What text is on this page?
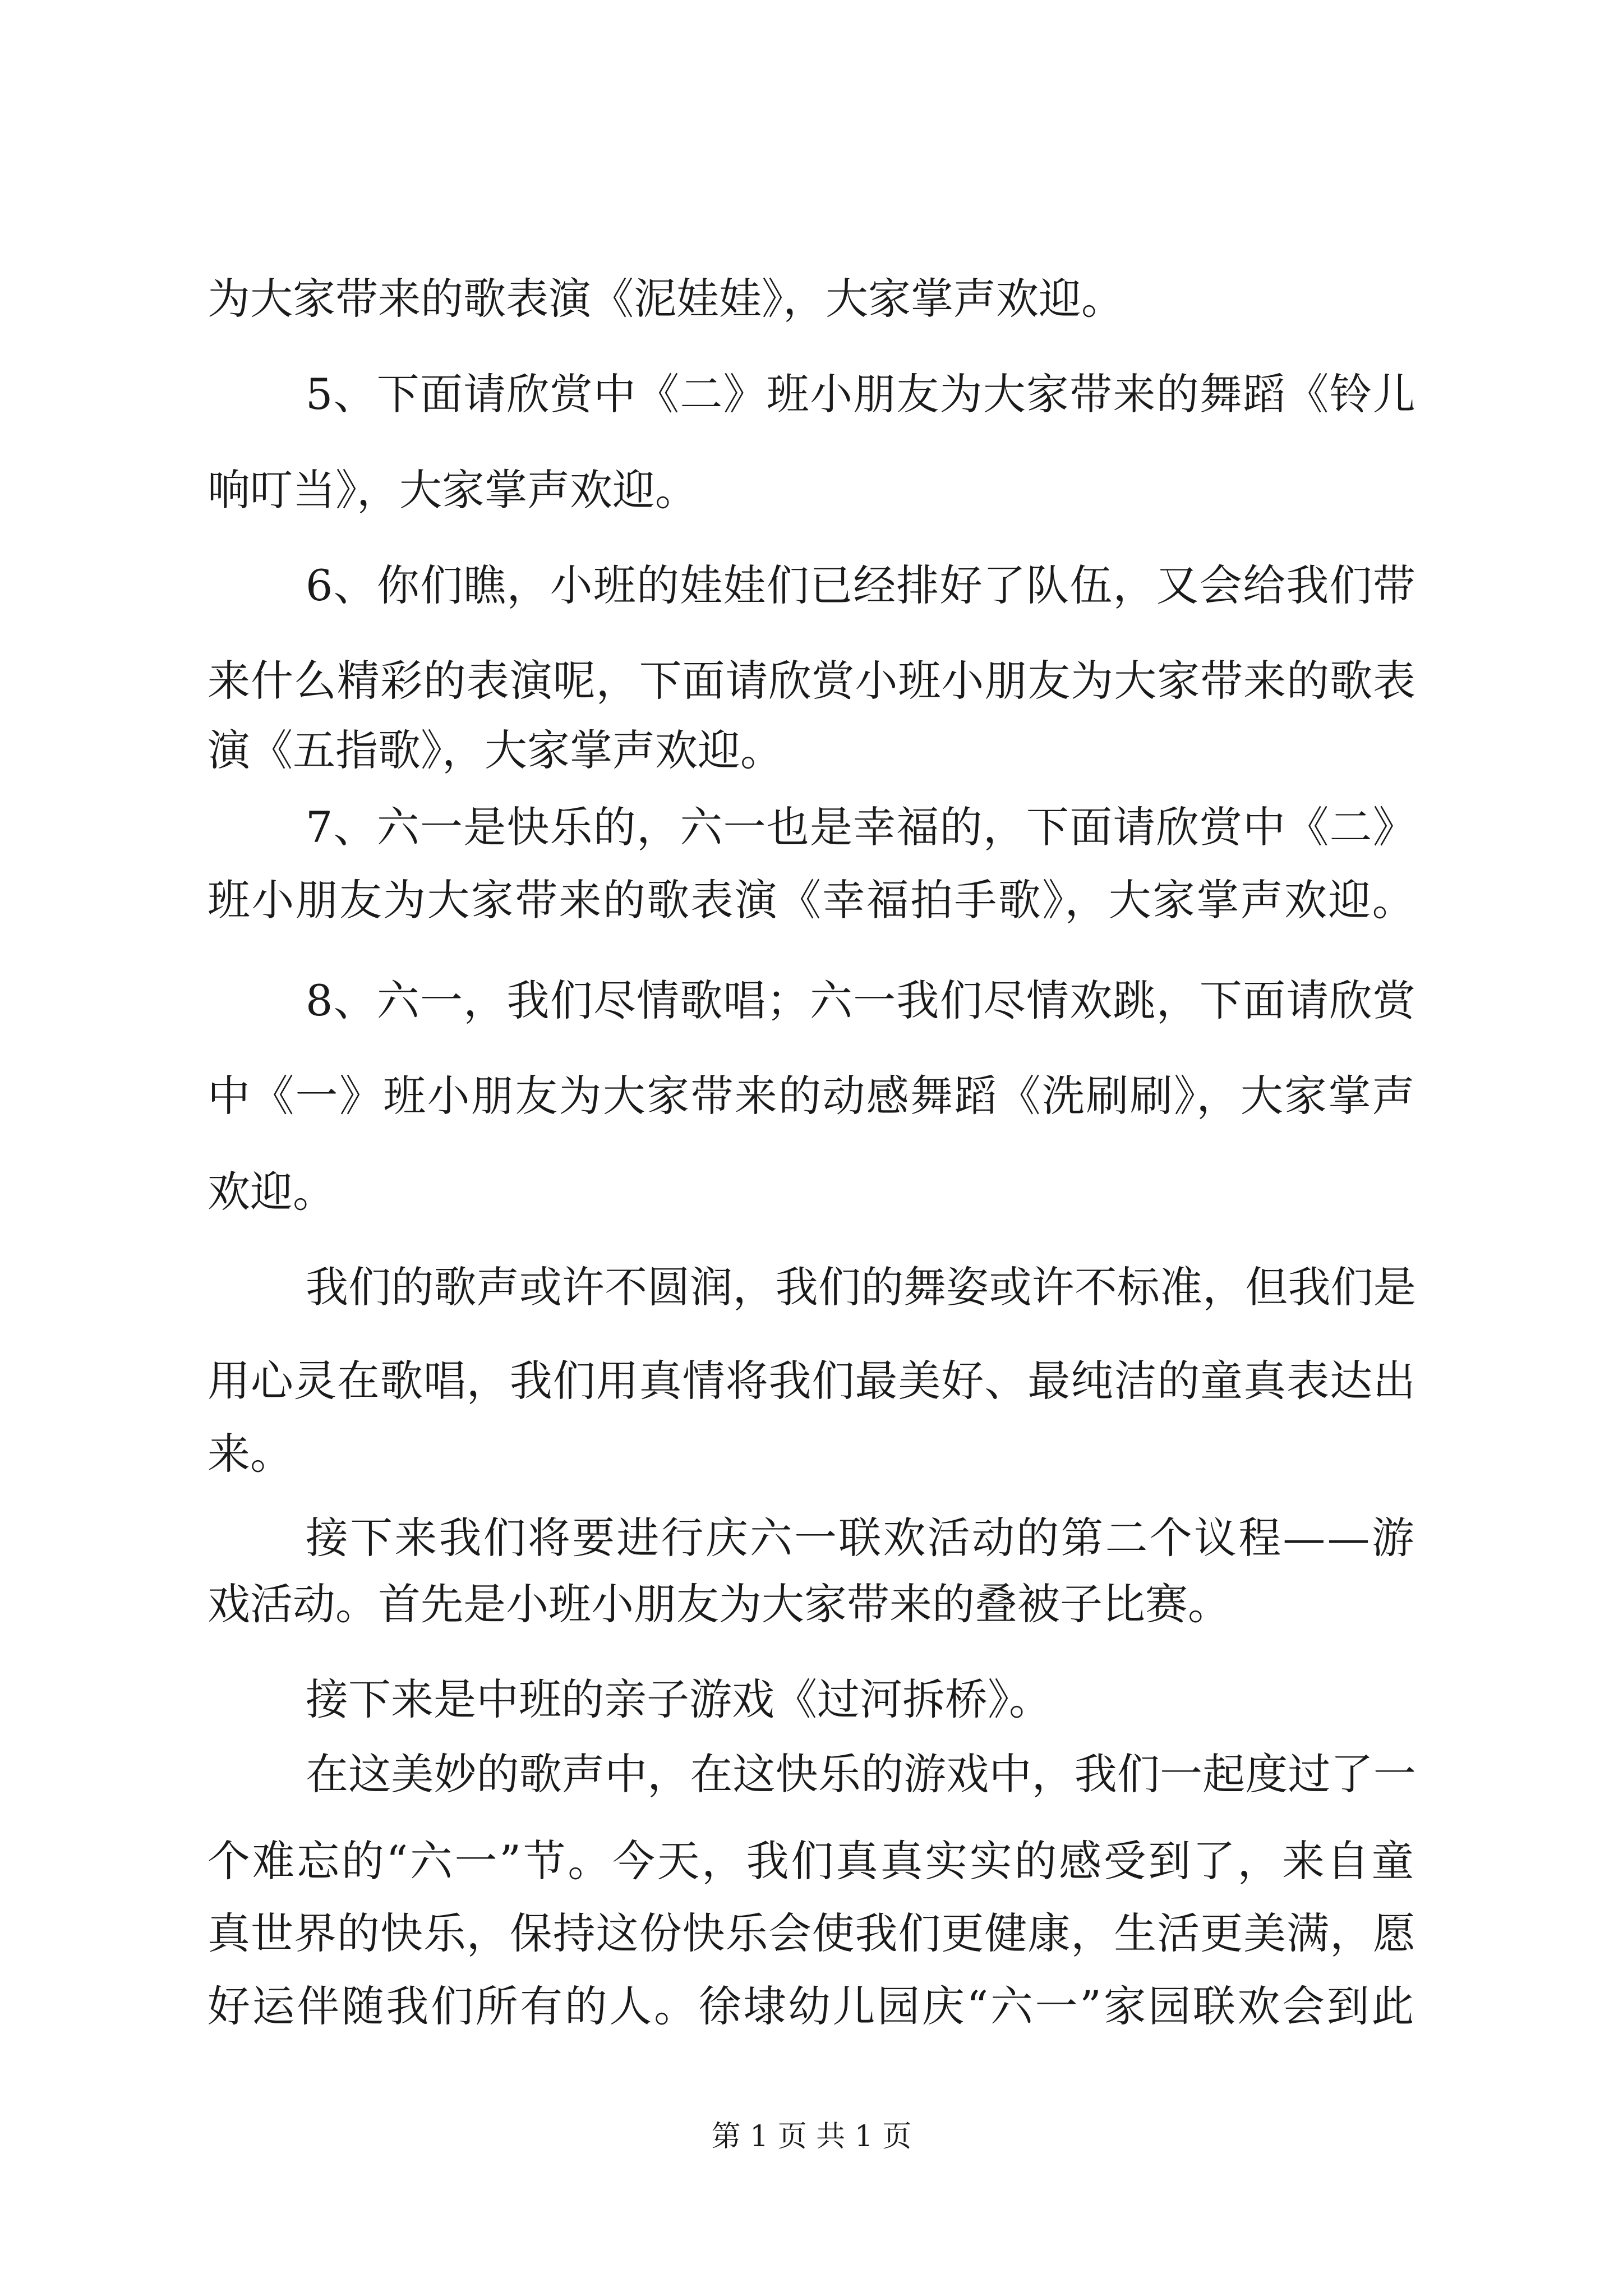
为大家带来的歌表演《泥娃娃》，大家掌声欢迎。

5、下面请欣赏中《二》班小朋友为大家带来的舞蹈《铃儿

响叮当》，大家掌声欢迎。

6、你们瞧，小班的娃娃们已经排好了队伍，又会给我们带

来什么精彩的表演呢，下面请欣赏小班小朋友为大家带来的歌表

演《五指歌》，大家掌声欢迎。

7、六一是快乐的，六一也是幸福的，下面请欣赏中《二》

班小朋友为大家带来的歌表演《幸福拍手歌》，大家掌声欢迎。

8、六一，我们尽情歌唱；六一我们尽情欢跳，下面请欣赏

中《一》班小朋友为大家带来的动感舞蹈《洗刷刷》，大家掌声

欢迎。

我们的歌声或许不圆润，我们的舞姿或许不标准，但我们是

用心灵在歌唱，我们用真情将我们最美好、最纯洁的童真表达出

来。

接下来我们将要进行庆六一联欢活动的第二个议程——游

戏活动。首先是小班小朋友为大家带来的叠被子比赛。

接下来是中班的亲子游戏《过河拆桥》。

在这美妙的歌声中，在这快乐的游戏中，我们一起度过了一

个难忘的“六一”节。今天，我们真真实实的感受到了，来自童

真世界的快乐，保持这份快乐会使我们更健康，生活更美满，愿

好运伴随我们所有的人。徐埭幼儿园庆“六一”家园联欢会到此

第 1 页 共 1 页
